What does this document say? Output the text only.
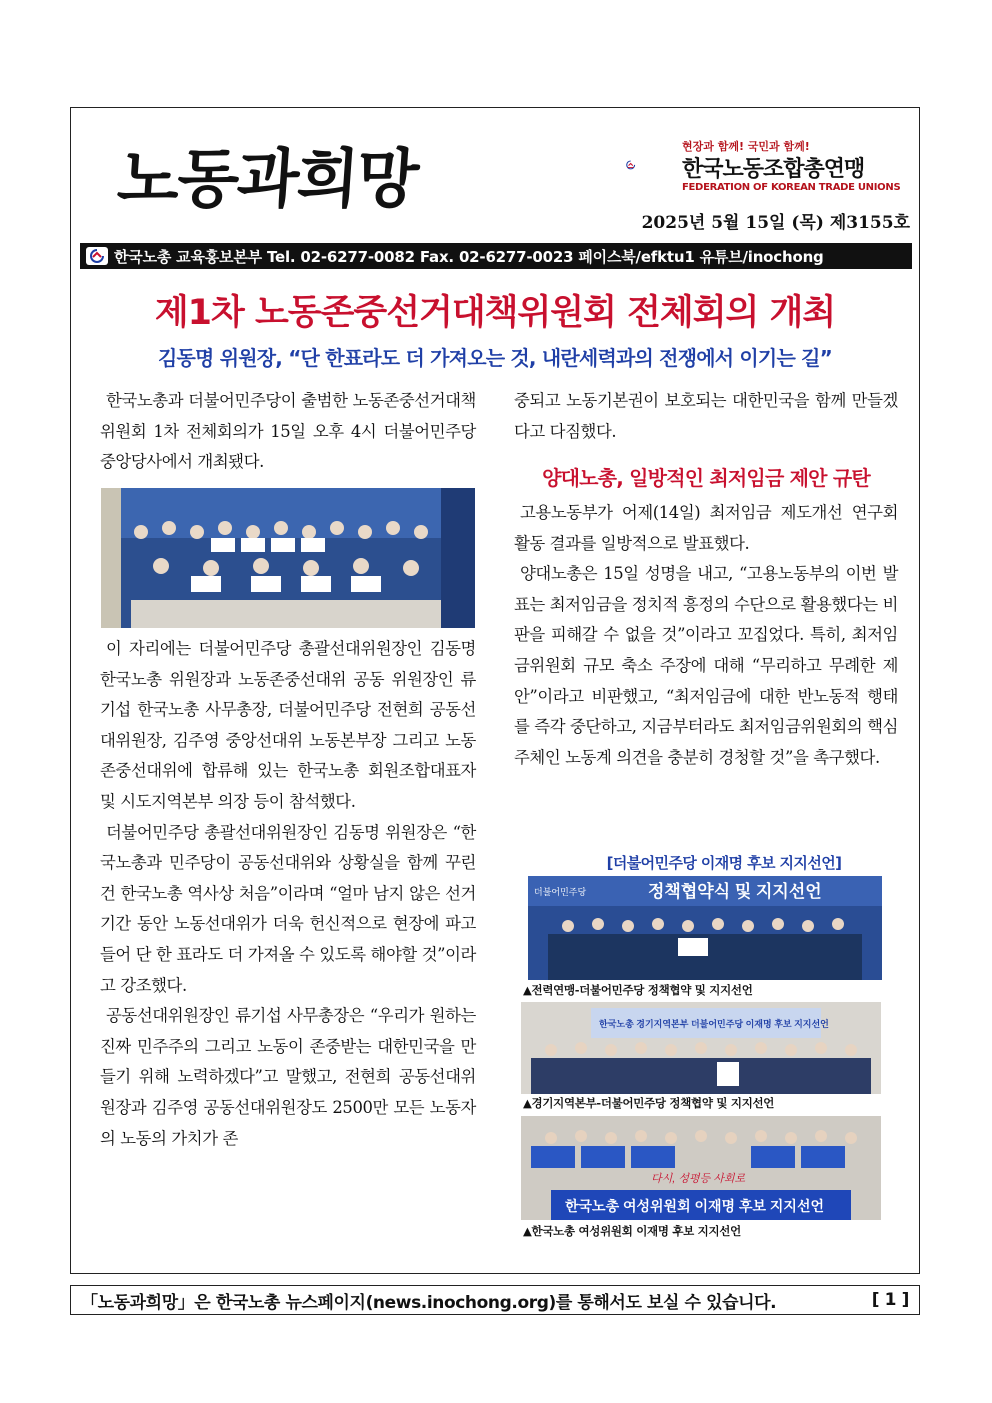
노동과희망	현장과 함께! 국민과 함께!
한국노동조합총연맹
FEDERATION OF KOREAN TRADE UNIONS
2025년 5월 15일 (목) 제3155호
한국노총 교육홍보본부 Tel. 02-6277-0082 Fax. 02-6277-0023 페이스북/efktu1 유튜브/inochong
제1차 노동존중선거대책위원회 전체회의 개최
김동명 위원장, “단 한표라도 더 가져오는 것, 내란세력과의 전쟁에서 이기는 길”

한국노총과 더불어민주당이 출범한 노동존중선거대책위원회 1차 전체회의가 15일 오후 4시 더불어민주당 중앙당사에서 개최됐다.

이 자리에는 더불어민주당 총괄선대위원장인 김동명 한국노총 위원장과 노동존중선대위 공동 위원장인 류기섭 한국노총 사무총장, 더불어민주당 전현희 공동선대위원장, 김주영 중앙선대위 노동본부장 그리고 노동존중선대위에 합류해 있는 한국노총 회원조합대표자 및 시도지역본부 의장 등이 참석했다.

더불어민주당 총괄선대위원장인 김동명 위원장은 “한국노총과 민주당이 공동선대위와 상황실을 함께 꾸린 건 한국노총 역사상 처음”이라며 “얼마 남지 않은 선거기간 동안 노동선대위가 더욱 헌신적으로 현장에 파고들어 단 한 표라도 더 가져올 수 있도록 해야할 것”이라고 강조했다.

공동선대위원장인 류기섭 사무총장은 “우리가 원하는 진짜 민주주의 그리고 노동이 존중받는 대한민국을 만들기 위해 노력하겠다”고 말했고, 전현희 공동선대위원장과 김주영 공동선대위원장도 2500만 모든 노동자의 노동의 가치가 존

중되고 노동기본권이 보호되는 대한민국을 함께 만들겠다고 다짐했다.

양대노총, 일방적인 최저임금 제안 규탄

고용노동부가 어제(14일) 최저임금 제도개선 연구회 활동 결과를 일방적으로 발표했다.

양대노총은 15일 성명을 내고, “고용노동부의 이번 발표는 최저임금을 정치적 흥정의 수단으로 활용했다는 비판을 피해갈 수 없을 것”이라고 꼬집었다. 특히, 최저임금위원회 규모 축소 주장에 대해 “무리하고 무례한 제안”이라고 비판했고, “최저임금에 대한 반노동적 행태를 즉각 중단하고, 지금부터라도 최저임금위원회의 핵심 주체인 노동계 의견을 충분히 경청할 것”을 촉구했다.

[더불어민주당 이재명 후보 지지선언]
더불어민주당	정책협약식 및 지지선언
▲전력연맹-더불어민주당 정책협약 및 지지선언
한국노총 경기지역본부 더불어민주당 이재명 후보 지지선언
▲경기지역본부-더불어민주당 정책협약 및 지지선언
다시, 성평등 사회로
한국노총 여성위원회 이재명 후보 지지선언
▲한국노총 여성위원회 이재명 후보 지지선언
「노동과희망」은 한국노총 뉴스페이지(news.inochong.org)를 통해서도 보실 수 있습니다.	[ 1 ]
